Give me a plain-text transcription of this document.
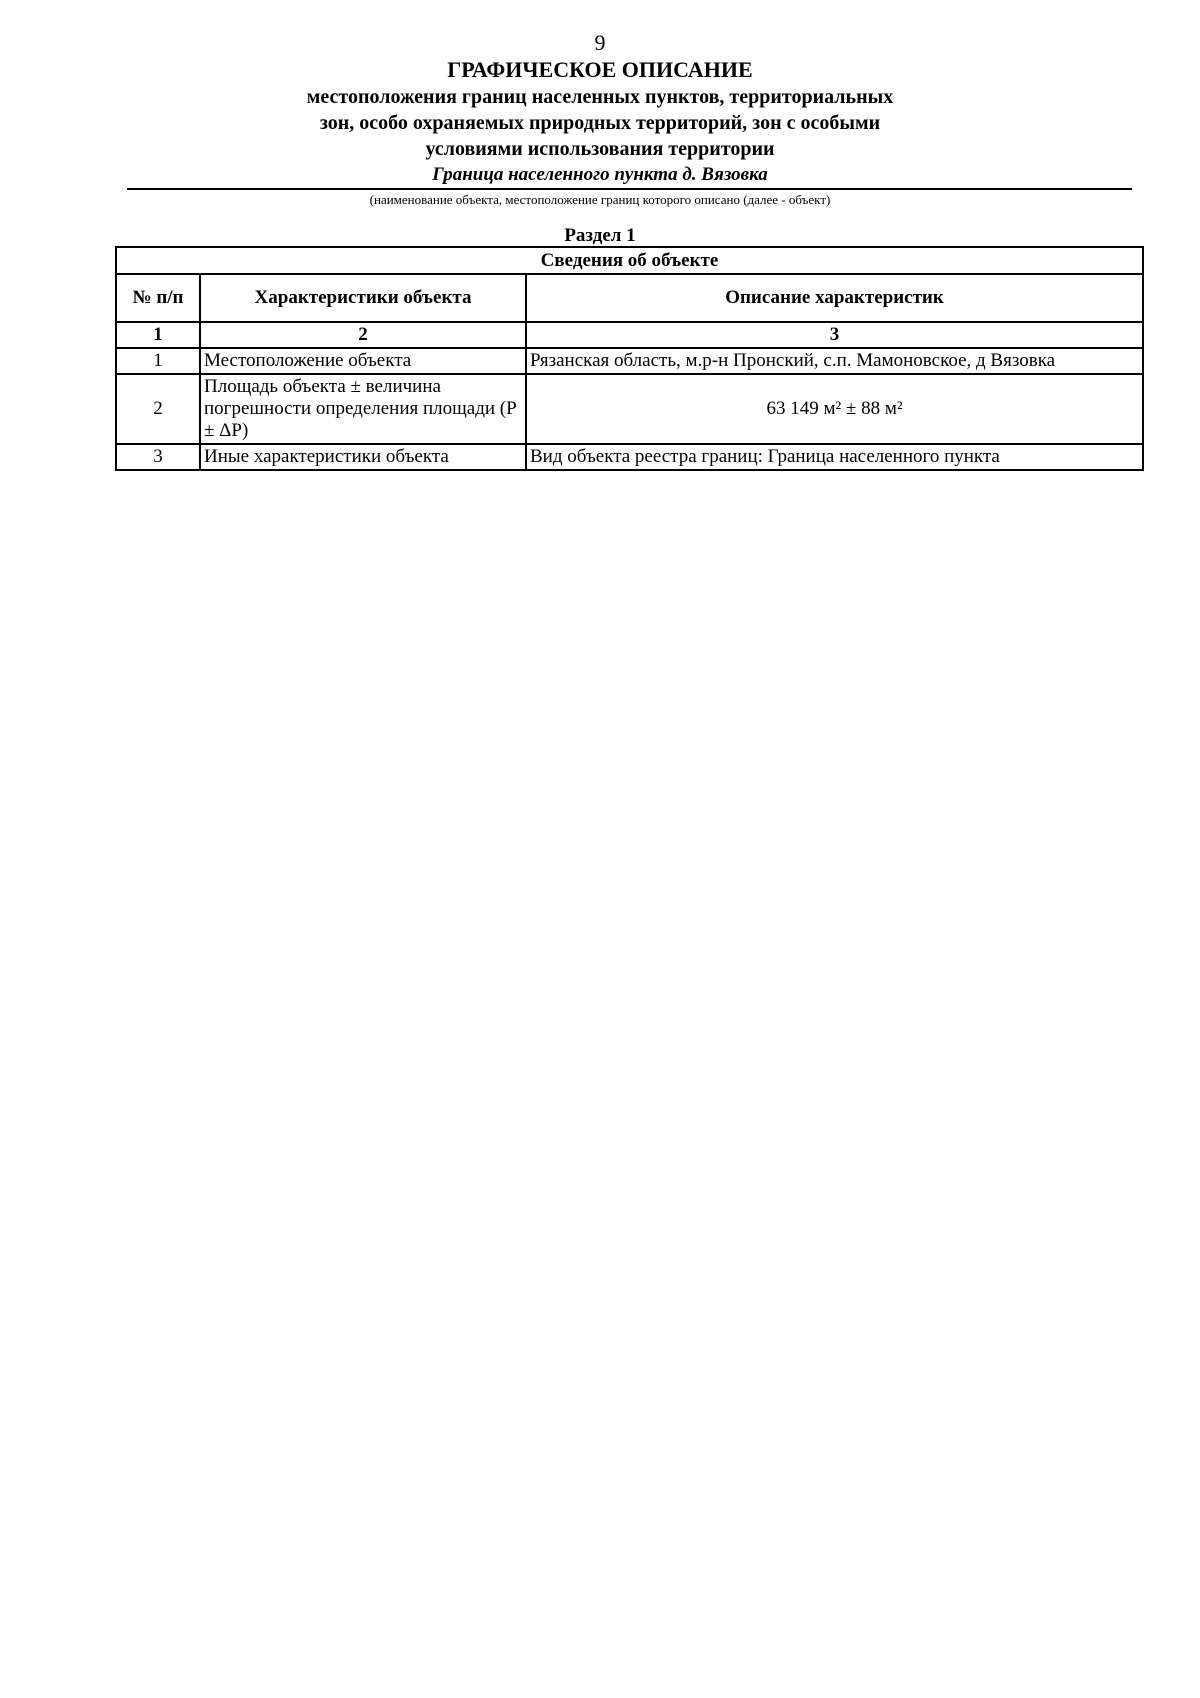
9
ГРАФИЧЕСКОЕ ОПИСАНИЕ
местоположения границ населенных пунктов, территориальных
зон, особо охраняемых природных территорий, зон с особыми
условиями использования территории
Граница населенного пункта д. Вязовка
(наименование объекта, местоположение границ которого описано (далее - объект)
Раздел 1
Сведения об объекте		
№ п/п	Характеристики объекта	Описание характеристик
1	2	3
1	Местоположение объекта	Рязанская область, м.р-н Пронский, с.п. Мамоновское, д Вязовка
2	Площадь объекта ± величина погрешности определения площади (P ± ΔP)	63 149 м² ± 88 м²
3	Иные характеристики объекта	Вид объекта реестра границ: Граница населенного пункта
